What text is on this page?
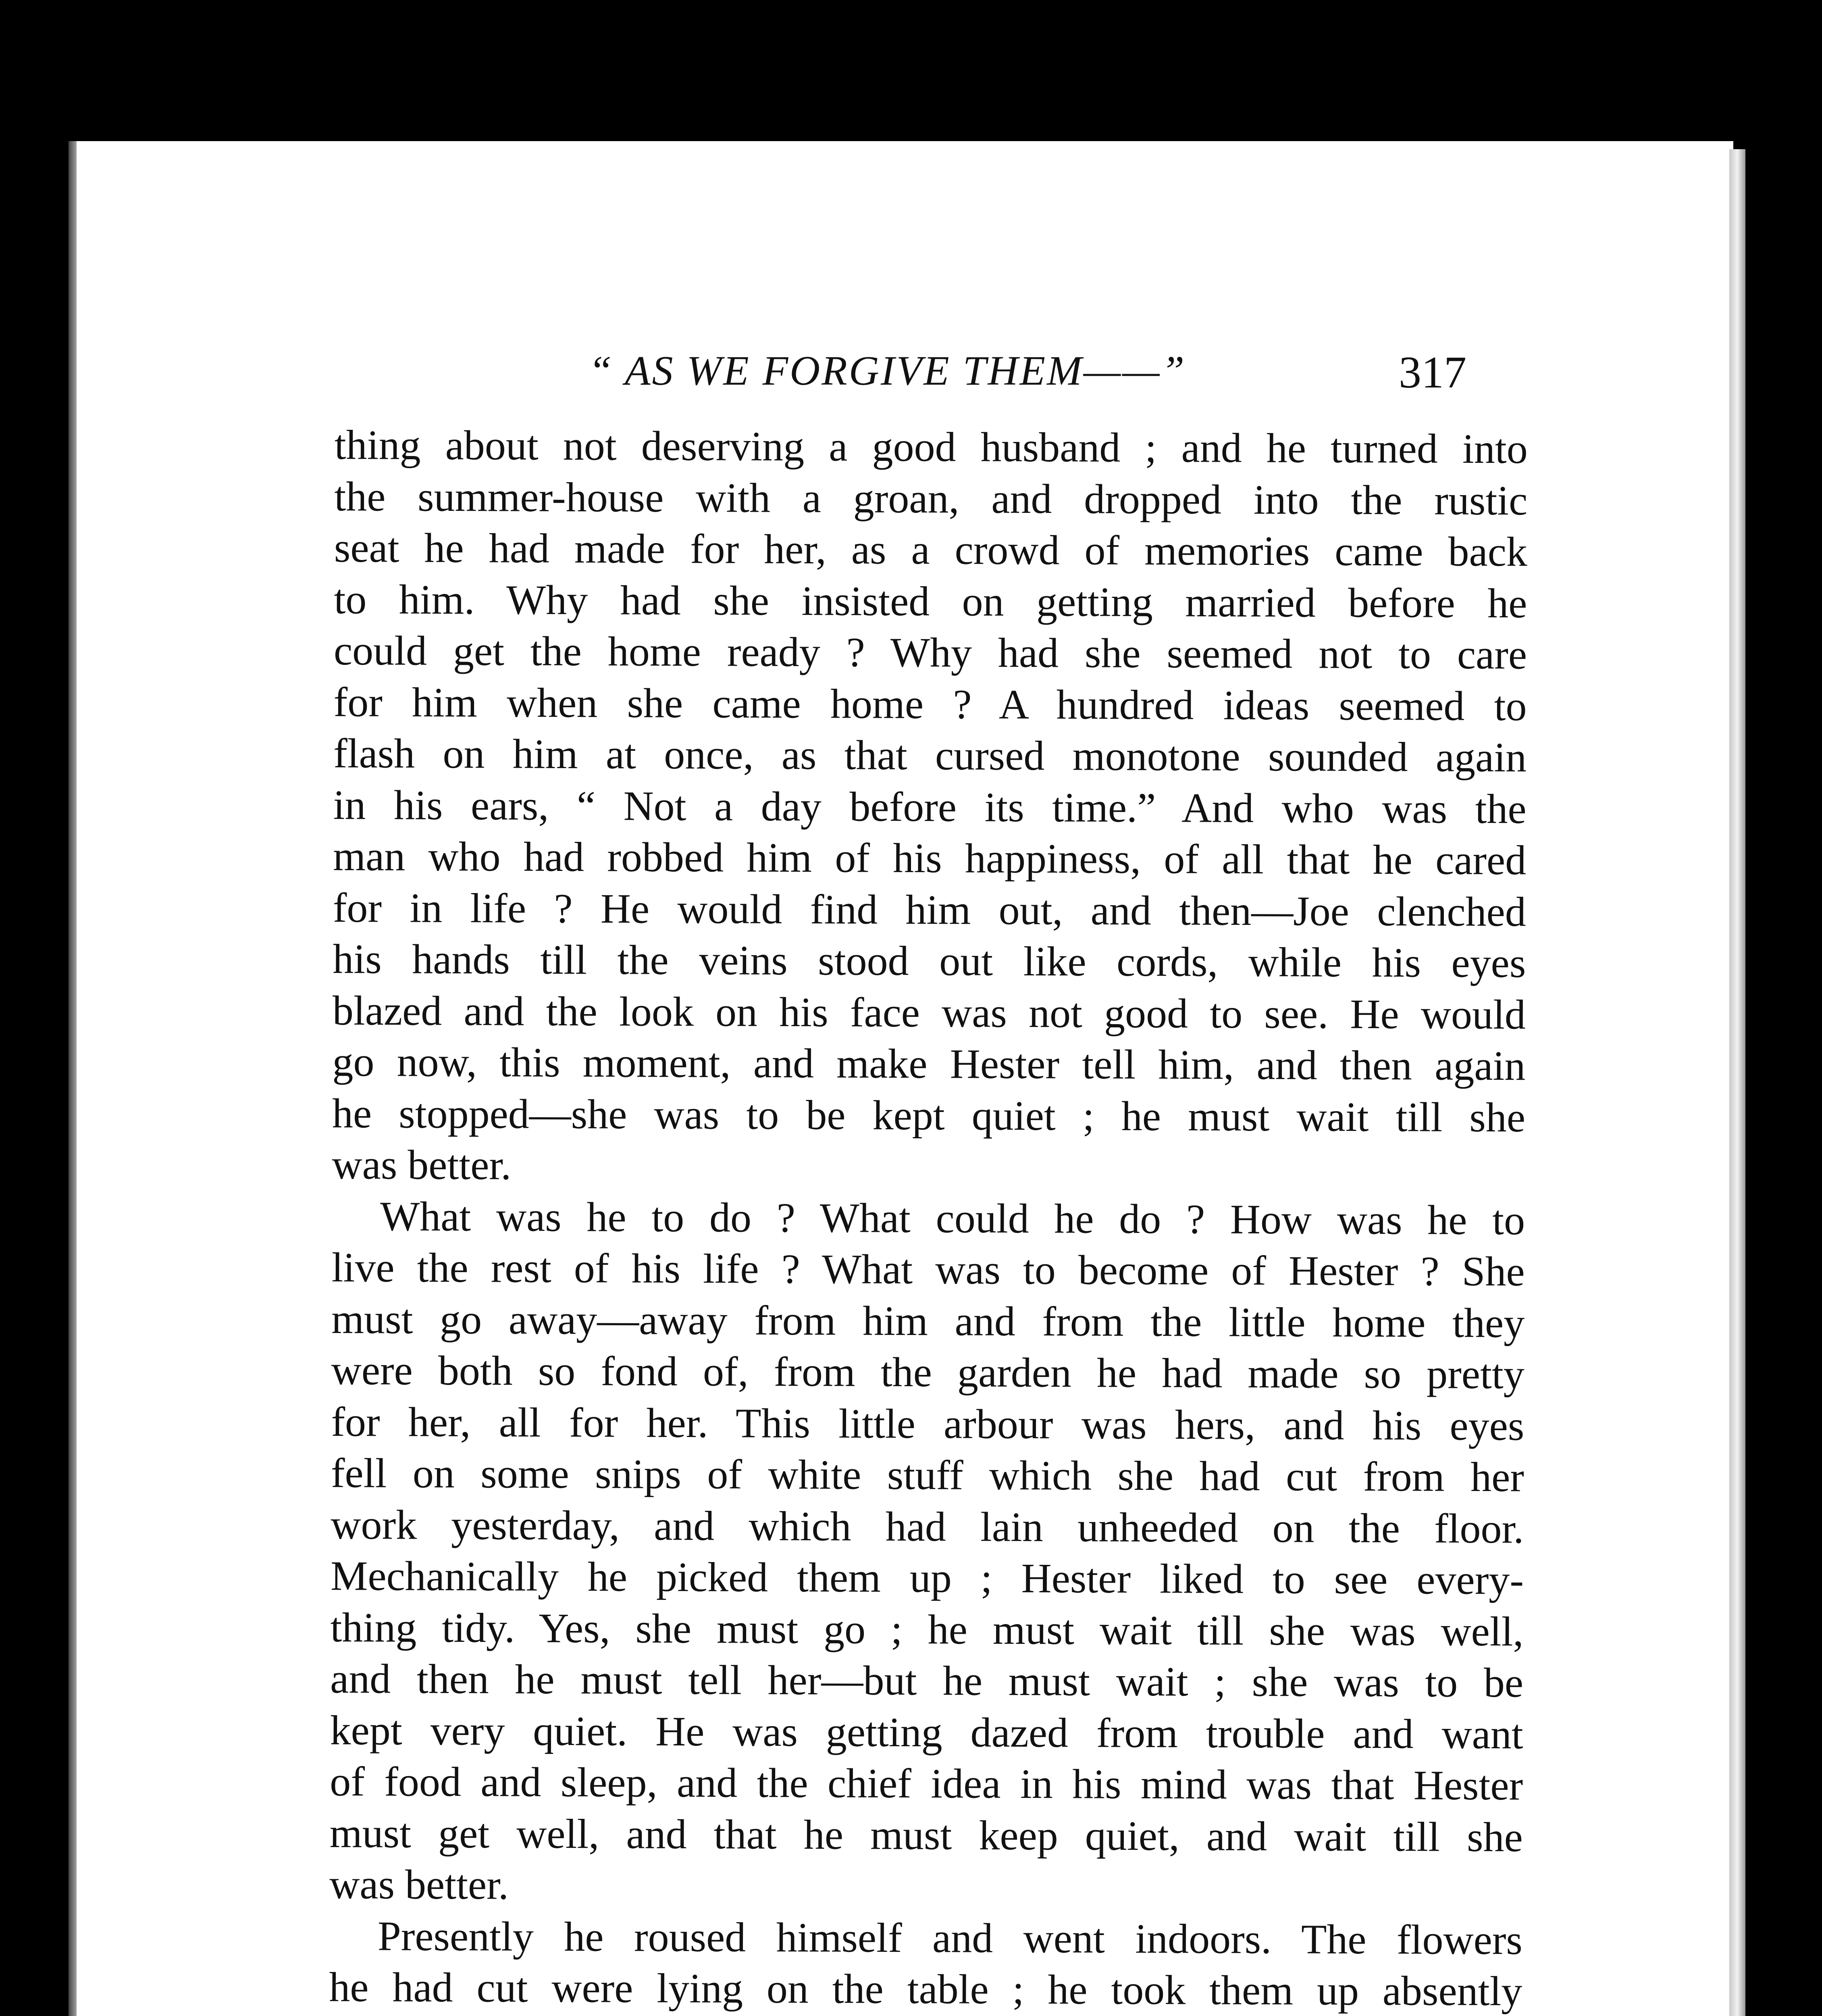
“ AS WE FORGIVE THEM——”	317
thing about not deserving a good husband ; and he turned into
the summer-house with a groan, and dropped into the rustic
seat he had made for her, as a crowd of memories came back
to him. Why had she insisted on getting married before he
could get the home ready ? Why had she seemed not to care
for him when she came home ? A hundred ideas seemed to
flash on him at once, as that cursed monotone sounded again
in his ears, “ Not a day before its time.” And who was the
man who had robbed him of his happiness, of all that he cared
for in life ? He would find him out, and then—Joe clenched
his hands till the veins stood out like cords, while his eyes
blazed and the look on his face was not good to see. He would
go now, this moment, and make Hester tell him, and then again
he stopped—she was to be kept quiet ; he must wait till she
was better.
What was he to do ? What could he do ? How was he to
live the rest of his life ? What was to become of Hester ? She
must go away—away from him and from the little home they
were both so fond of, from the garden he had made so pretty
for her, all for her. This little arbour was hers, and his eyes
fell on some snips of white stuff which she had cut from her
work yesterday, and which had lain unheeded on the floor.
Mechanically he picked them up ; Hester liked to see every-
thing tidy. Yes, she must go ; he must wait till she was well,
and then he must tell her—but he must wait ; she was to be
kept very quiet. He was getting dazed from trouble and want
of food and sleep, and the chief idea in his mind was that Hester
must get well, and that he must keep quiet, and wait till she
was better.
Presently he roused himself and went indoors. The flowers
he had cut were lying on the table ; he took them up absently
